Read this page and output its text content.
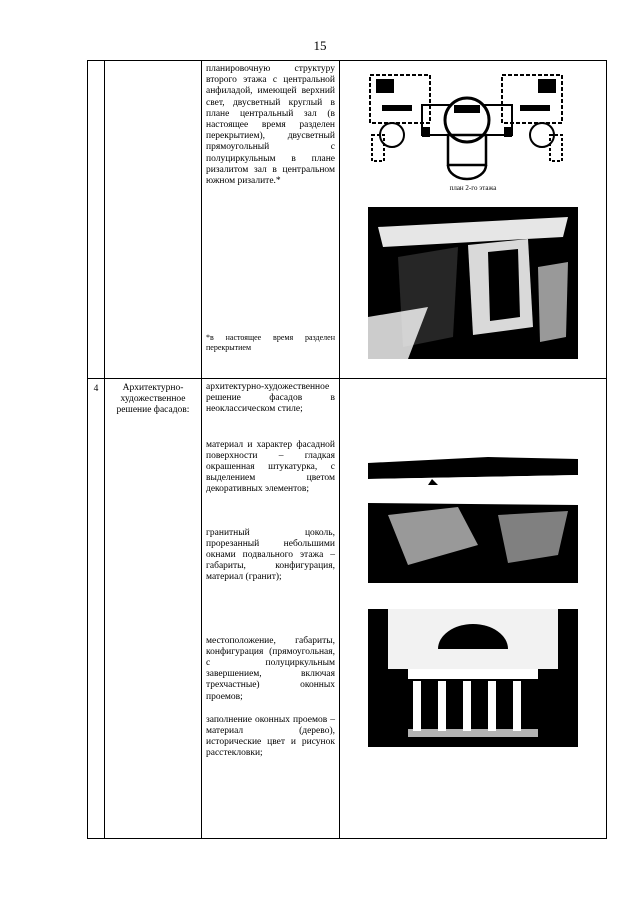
15

		планировочную структуру второго этажа с центральной анфиладой, имеющей верхний свет, двусветный круглый в плане центральный зал (в настоящее время разделен перекрытием), двусветный прямоугольный с полуциркульным в плане ризалитом зал в центральном южном ризалите.*

*в настоящее время разделен перекрытием	план 2-го этажа

4	Архитектурно-художественное решение фасадов:	архитектурно-художественное решение фасадов в неоклассическом стиле;

материал и характер фасадной поверхности – гладкая окрашенная штукатурка, с выделением цветом декоративных элементов;

гранитный цоколь, прорезанный небольшими окнами подвального этажа – габариты, конфигурация, материал (гранит);

местоположение, габариты, конфигурация (прямоугольная, с полуциркульным завершением, включая трехчастные) оконных проемов;

заполнение оконных проемов – материал (дерево), исторические цвет и рисунок расстекловки;
